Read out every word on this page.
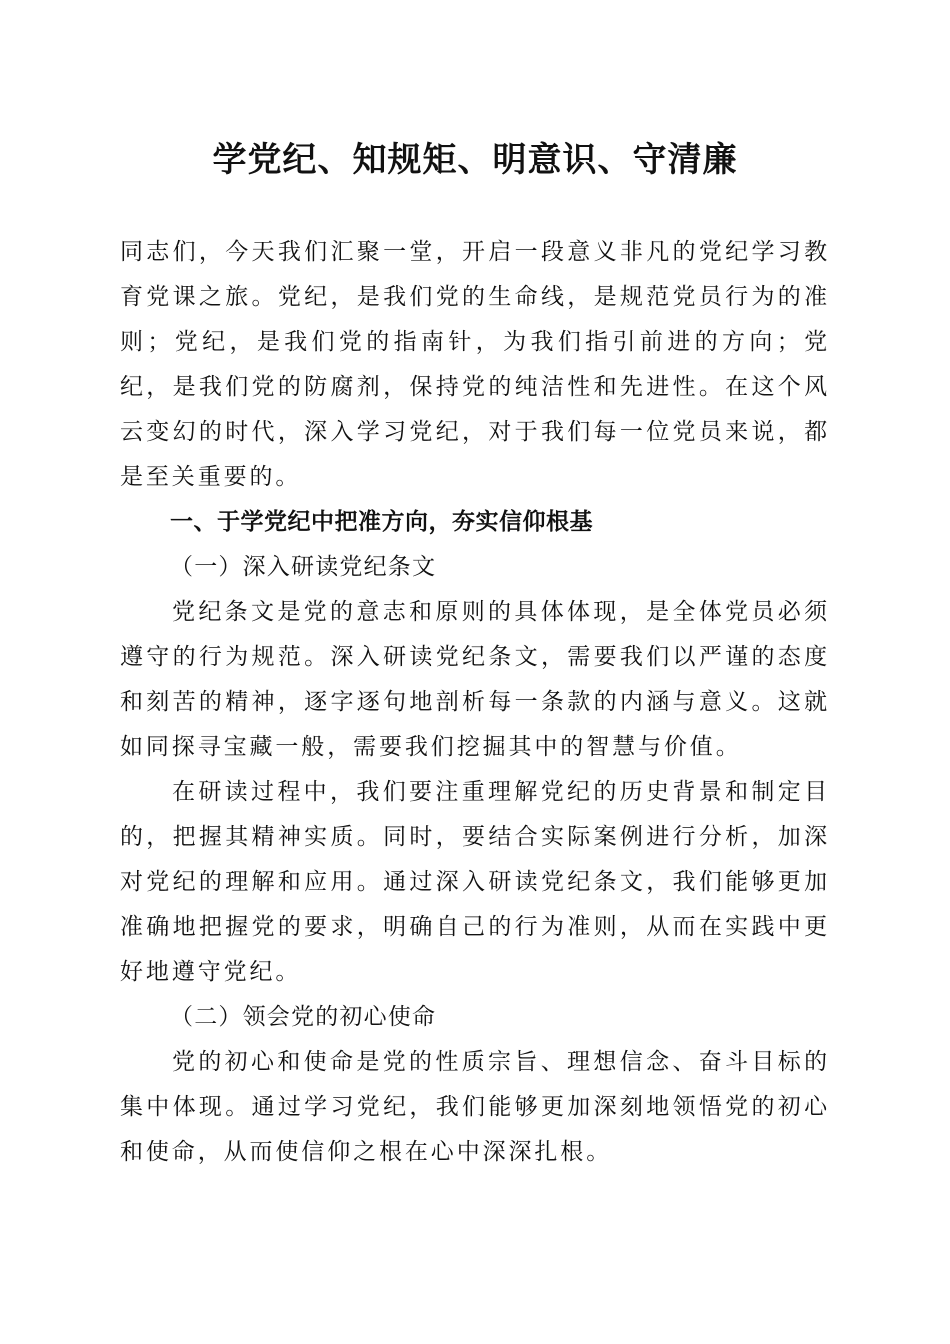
学党纪、知规矩、明意识、守清廉

同志们，今天我们汇聚一堂，开启一段意义非凡的党纪学习教育党课之旅。党纪，是我们党的生命线，是规范党员行为的准则；党纪，是我们党的指南针，为我们指引前进的方向；党纪，是我们党的防腐剂，保持党的纯洁性和先进性。在这个风云变幻的时代，深入学习党纪，对于我们每一位党员来说，都是至关重要的。

一、于学党纪中把准方向，夯实信仰根基

（一）深入研读党纪条文

党纪条文是党的意志和原则的具体体现，是全体党员必须遵守的行为规范。深入研读党纪条文，需要我们以严谨的态度和刻苦的精神，逐字逐句地剖析每一条款的内涵与意义。这就如同探寻宝藏一般，需要我们挖掘其中的智慧与价值。

在研读过程中，我们要注重理解党纪的历史背景和制定目的，把握其精神实质。同时，要结合实际案例进行分析，加深对党纪的理解和应用。通过深入研读党纪条文，我们能够更加准确地把握党的要求，明确自己的行为准则，从而在实践中更好地遵守党纪。

（二）领会党的初心使命

党的初心和使命是党的性质宗旨、理想信念、奋斗目标的集中体现。通过学习党纪，我们能够更加深刻地领悟党的初心和使命，从而使信仰之根在心中深深扎根。
